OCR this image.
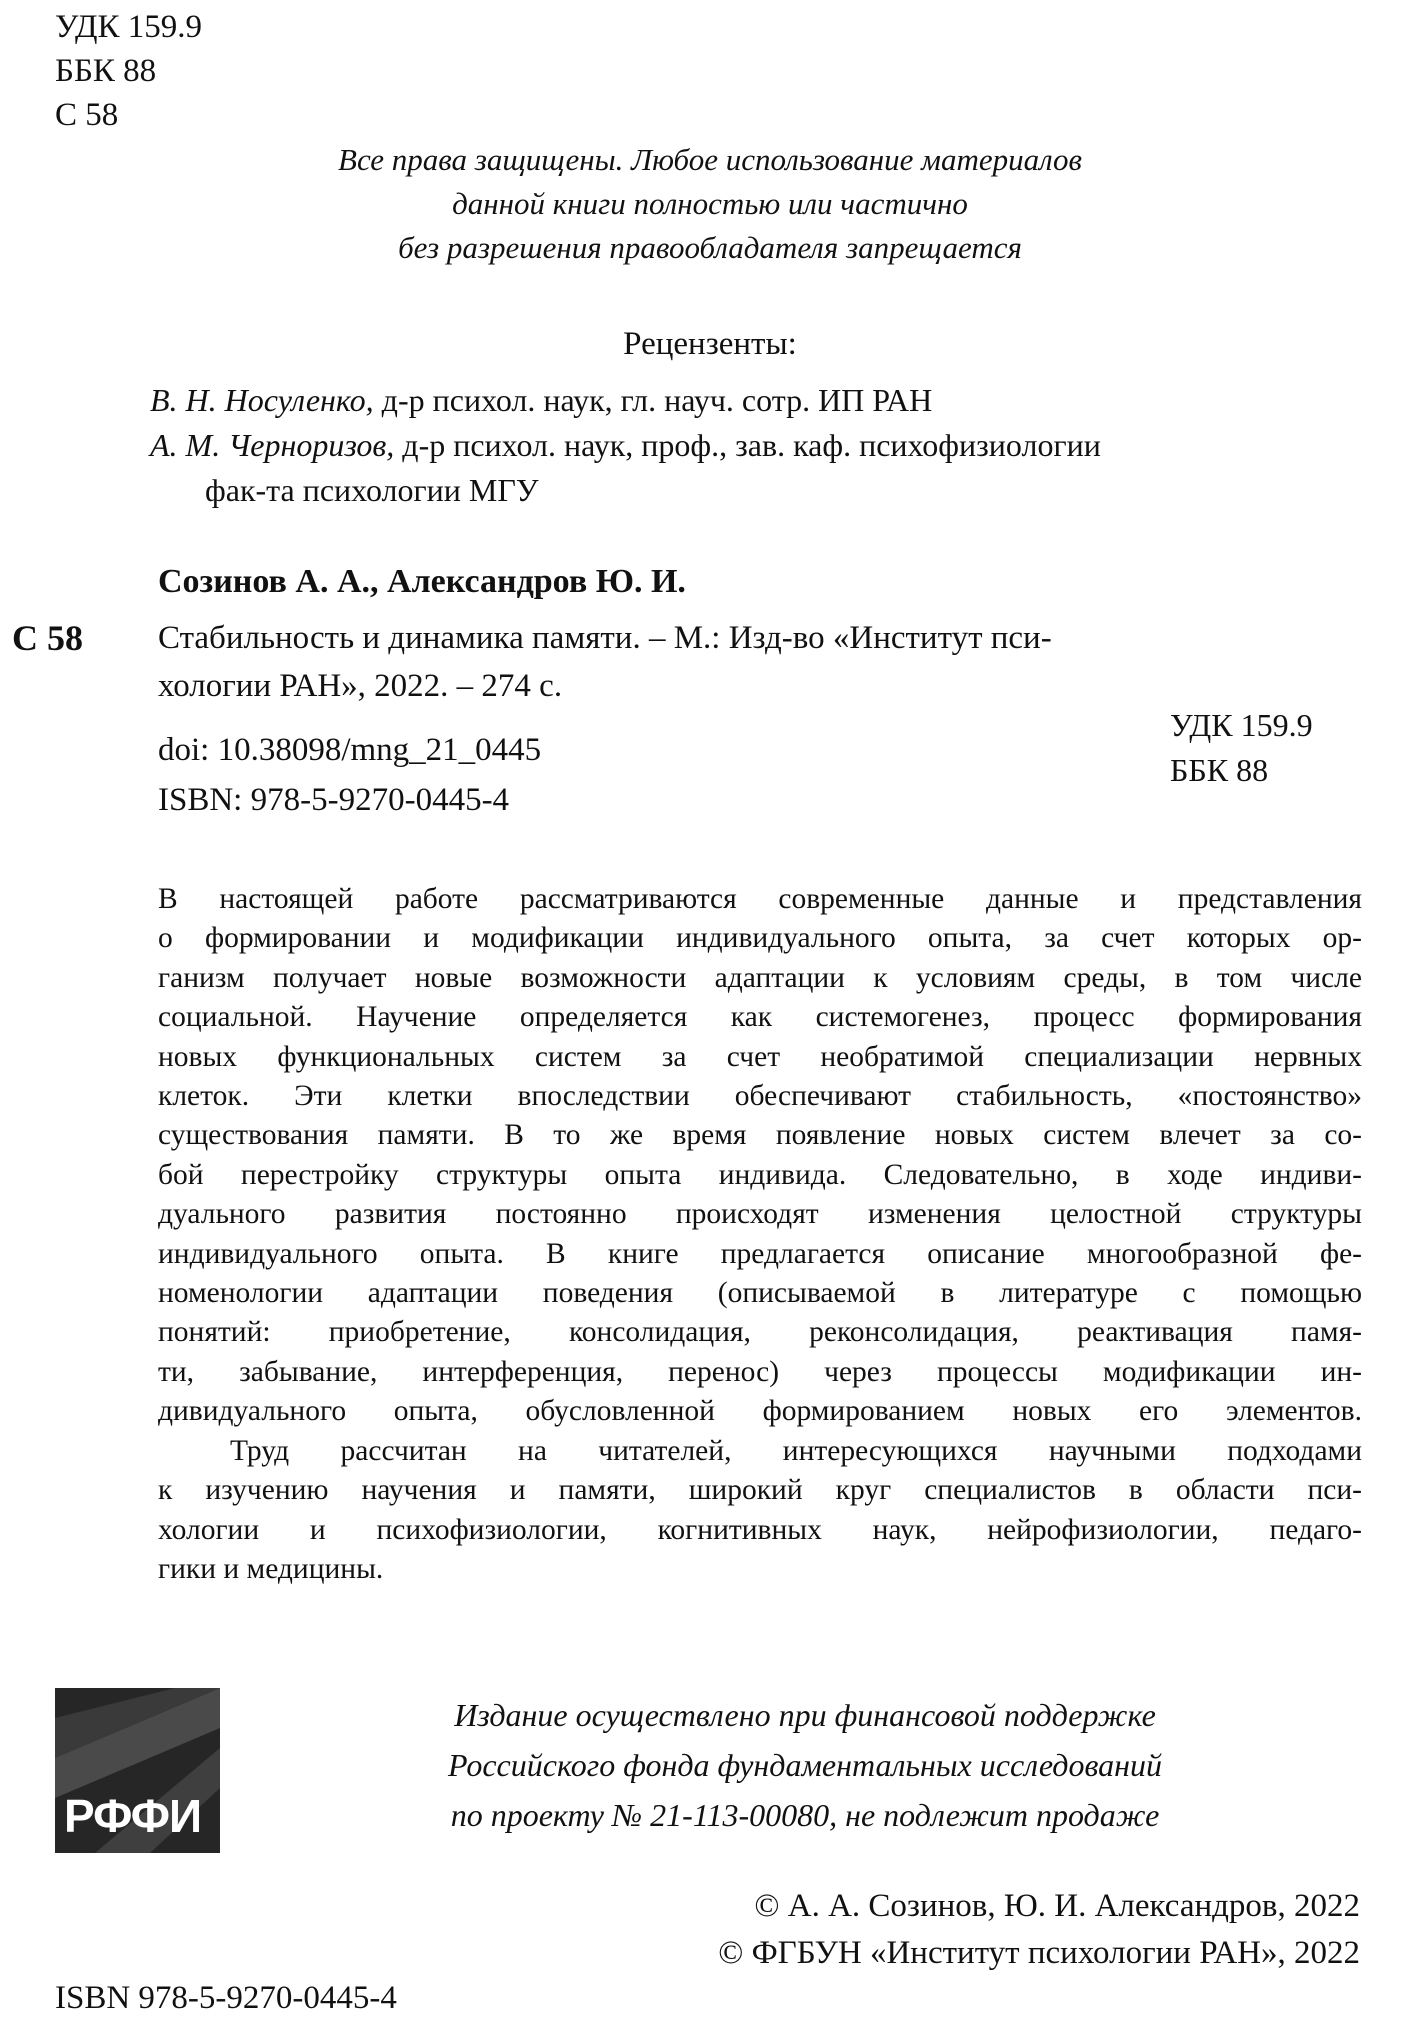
УДК 159.9
ББК 88
С 58
Все права защищены. Любое использование материалов
данной книги полностью или частично
без разрешения правообладателя запрещается
Рецензенты:
В. Н. Носуленко, д-р психол. наук, гл. науч. сотр. ИП РАН
А. М. Черноризов, д-р психол. наук, проф., зав. каф. психофизиологии
фак-та психологии МГУ
Созинов А. А., Александров Ю. И.
С 58 Стабильность и динамика памяти. – М.: Изд-во «Институт пси-
хологии РАН», 2022. – 274 с.
doi: 10.38098/mng_21_0445
ISBN: 978-5-9270-0445-4
УДК 159.9
ББК 88
В настоящей работе рассматриваются современные данные и представления
о формировании и модификации индивидуального опыта, за счет которых ор-
ганизм получает новые возможности адаптации к условиям среды, в том числе
социальной. Научение определяется как системогенез, процесс формирования
новых функциональных систем за счет необратимой специализации нервных
клеток. Эти клетки впоследствии обеспечивают стабильность, «постоянство»
существования памяти. В то же время появление новых систем влечет за со-
бой перестройку структуры опыта индивида. Следовательно, в ходе индиви-
дуального развития постоянно происходят изменения целостной структуры
индивидуального опыта. В книге предлагается описание многообразной фе-
номенологии адаптации поведения (описываемой в литературе с помощью
понятий: приобретение, консолидация, реконсолидация, реактивация памя-
ти, забывание, интерференция, перенос) через процессы модификации ин-
дивидуального опыта, обусловленной формированием новых его элементов.
Труд рассчитан на читателей, интересующихся научными подходами
к изучению научения и памяти, широкий круг специалистов в области пси-
хологии и психофизиологии, когнитивных наук, нейрофизиологии, педаго-
гики и медицины.
РФФИ
Издание осуществлено при финансовой поддержке
Российского фонда фундаментальных исследований
по проекту № 21-113-00080, не подлежит продаже
© А. А. Созинов, Ю. И. Александров, 2022
© ФГБУН «Институт психологии РАН», 2022
ISBN 978-5-9270-0445-4
